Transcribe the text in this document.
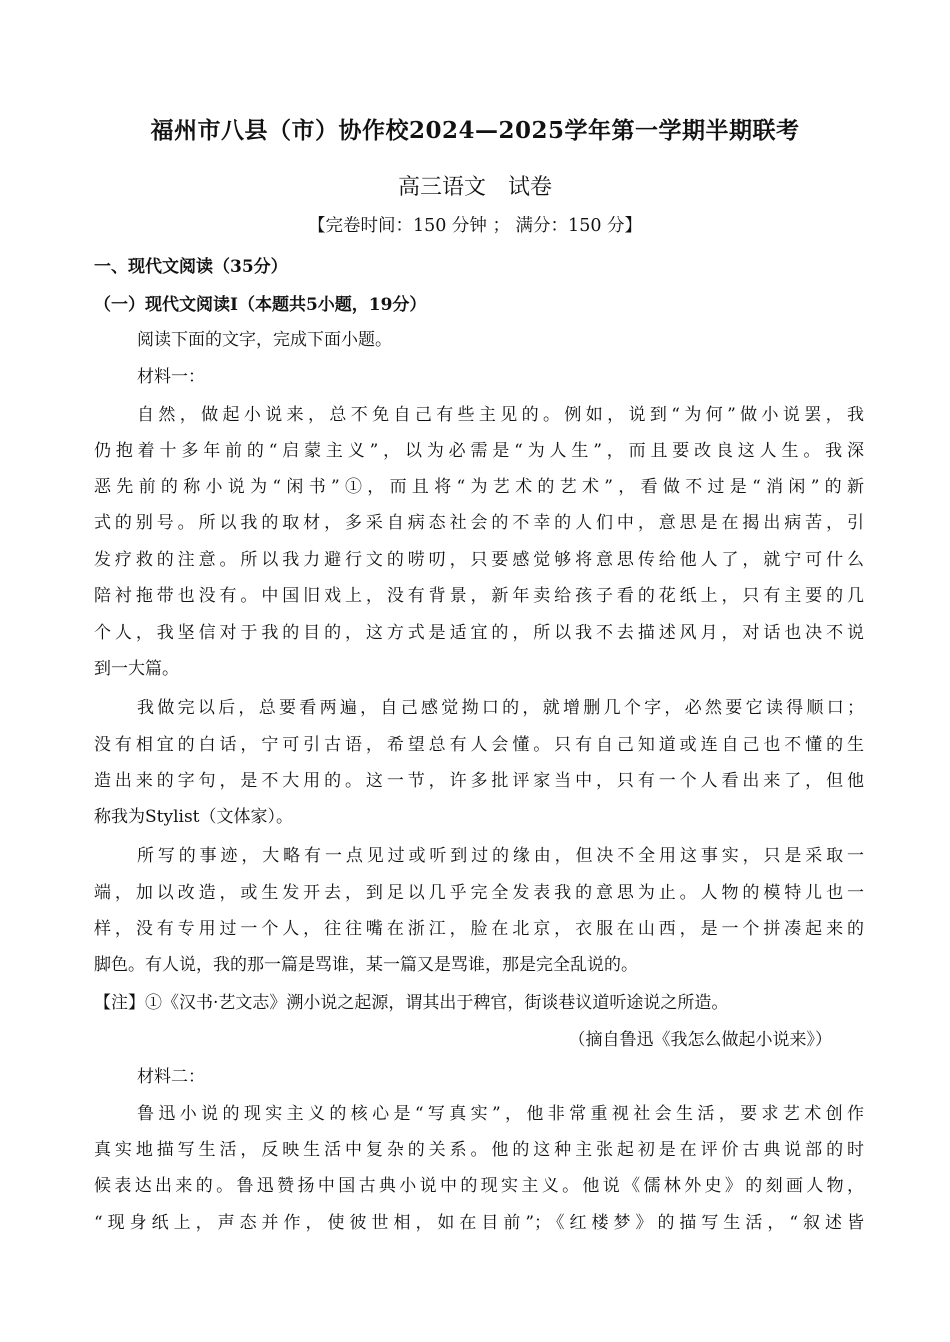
福州市八县（市）协作校2024—2025学年第一学期半期联考
高三语文 试卷
【完卷时间：150 分钟 ； 满分：150 分】
一、现代文阅读（35分）
（一）现代文阅读Ⅰ（本题共5小题，19分）
阅读下面的文字，完成下面小题。
材料一：
自然，做起小说来，总不免自己有些主见的。例如，说到“为何”做小说罢，我
仍抱着十多年前的“启蒙主义”，以为必需是“为人生”，而且要改良这人生。我深
恶先前的称小说为“闲书”①，而且将“为艺术的艺术”，看做不过是“消闲”的新
式的别号。所以我的取材，多采自病态社会的不幸的人们中，意思是在揭出病苦，引
发疗救的注意。所以我力避行文的唠叨，只要感觉够将意思传给他人了，就宁可什么
陪衬拖带也没有。中国旧戏上，没有背景，新年卖给孩子看的花纸上，只有主要的几
个人，我坚信对于我的目的，这方式是适宜的，所以我不去描述风月，对话也决不说
到一大篇。
我做完以后，总要看两遍，自己感觉拗口的，就增删几个字，必然要它读得顺口；
没有相宜的白话，宁可引古语，希望总有人会懂。只有自己知道或连自己也不懂的生
造出来的字句，是不大用的。这一节，许多批评家当中，只有一个人看出来了，但他
称我为Stylist（文体家）。
所写的事迹，大略有一点见过或听到过的缘由，但决不全用这事实，只是采取一
端，加以改造，或生发开去，到足以几乎完全发表我的意思为止。人物的模特儿也一
样，没有专用过一个人，往往嘴在浙江，脸在北京，衣服在山西，是一个拼凑起来的
脚色。有人说，我的那一篇是骂谁，某一篇又是骂谁，那是完全乱说的。
【注】①《汉书·艺文志》溯小说之起源，谓其出于稗官，街谈巷议道听途说之所造。
（摘自鲁迅《我怎么做起小说来》）
材料二：
鲁迅小说的现实主义的核心是“写真实”，他非常重视社会生活，要求艺术创作
真实地描写生活，反映生活中复杂的关系。他的这种主张起初是在评价古典说部的时
候表达出来的。鲁迅赞扬中国古典小说中的现实主义。他说《儒林外史》的刻画人物，
“现身纸上，声态并作，使彼世相，如在目前”；《红楼梦》的描写生活，“叙述皆
